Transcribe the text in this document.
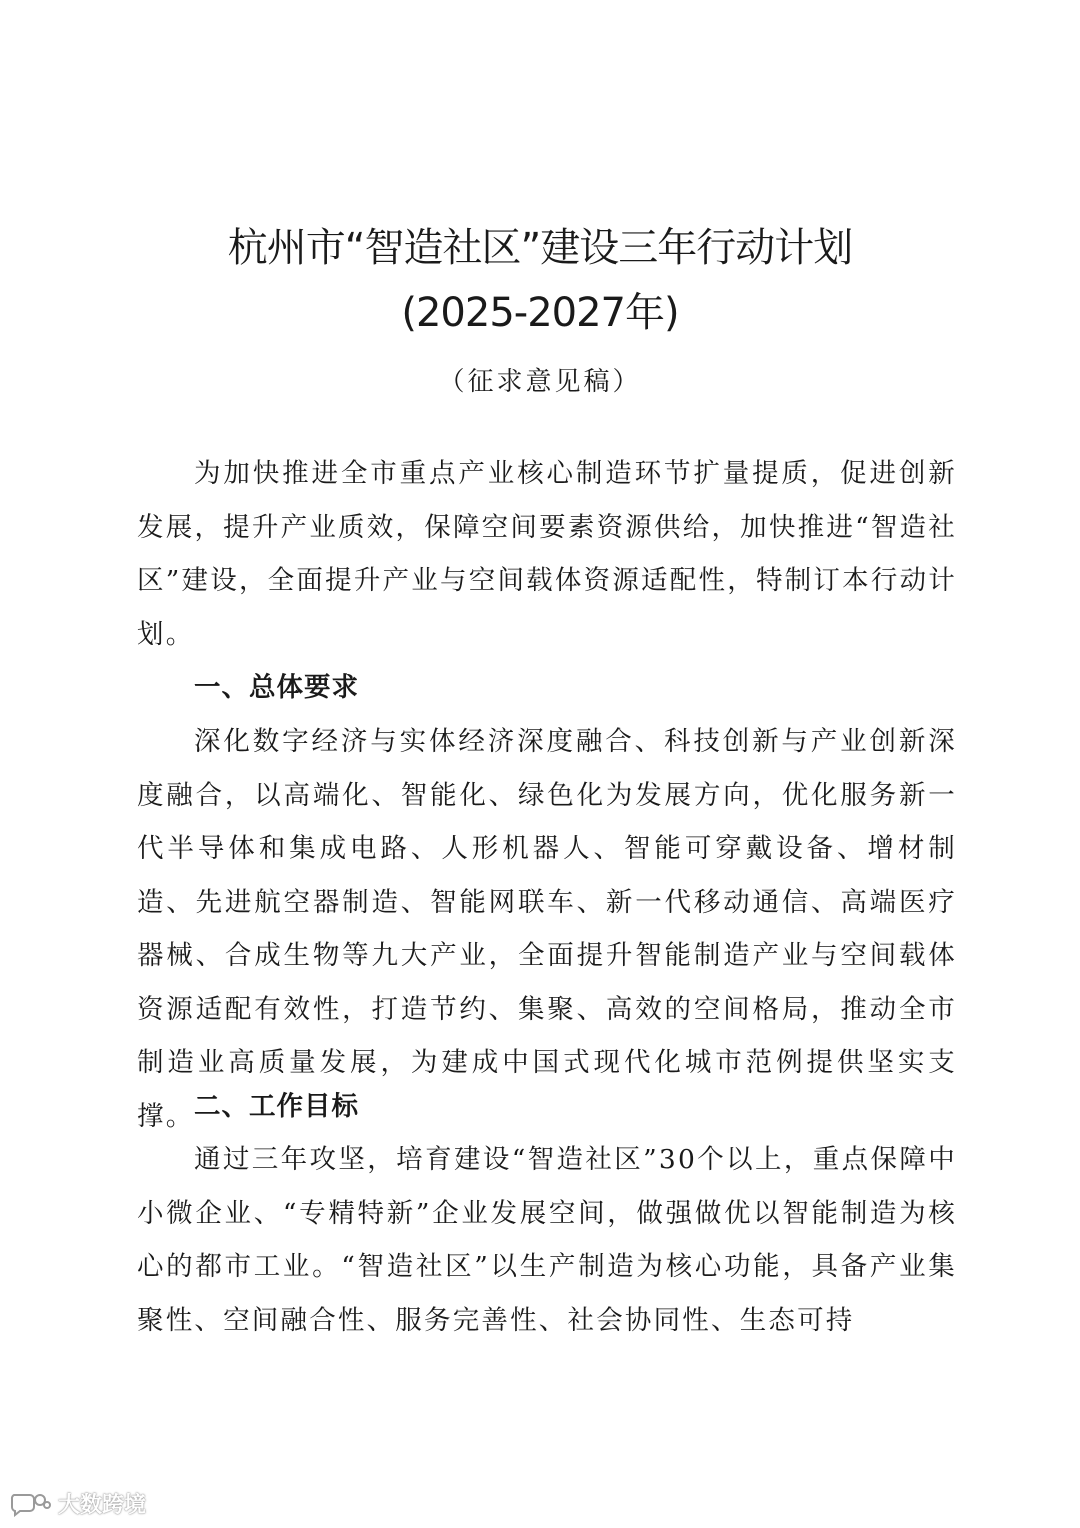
杭州市“智造社区”建设三年行动计划
(2025-2027年)
（征求意见稿）

为加快推进全市重点产业核心制造环节扩量提质，促进创新发展，提升产业质效，保障空间要素资源供给，加快推进“智造社区”建设，全面提升产业与空间载体资源适配性，特制订本行动计划。

一、总体要求

深化数字经济与实体经济深度融合、科技创新与产业创新深度融合，以高端化、智能化、绿色化为发展方向，优化服务新一代半导体和集成电路、人形机器人、智能可穿戴设备、增材制造、先进航空器制造、智能网联车、新一代移动通信、高端医疗器械、合成生物等九大产业，全面提升智能制造产业与空间载体资源适配有效性，打造节约、集聚、高效的空间格局，推动全市制造业高质量发展，为建成中国式现代化城市范例提供坚实支撑。 二、工作目标

通过三年攻坚，培育建设“智造社区”30个以上，重点保障中小微企业、“专精特新”企业发展空间，做强做优以智能制造为核心的都市工业。“智造社区”以生产制造为核心功能，具备产业集聚性、空间融合性、服务完善性、社会协同性、生态可持

大数跨境
